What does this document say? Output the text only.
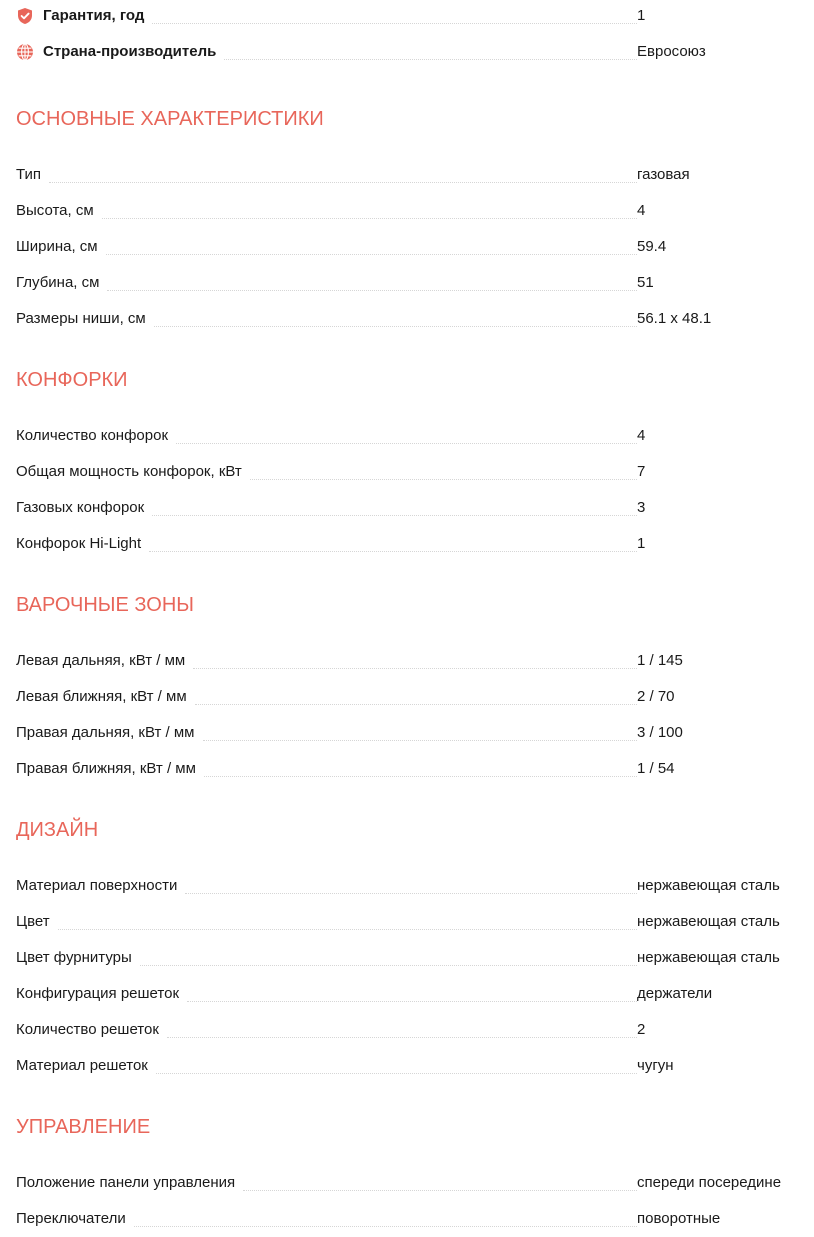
Гарантия, год	1
Страна-производитель	Евросоюз
ОСНОВНЫЕ ХАРАКТЕРИСТИКИ
Тип	газовая
Высота, см	4
Ширина, см	59.4
Глубина, см	51
Размеры ниши, см	56.1 x 48.1
КОНФОРКИ
Количество конфорок	4
Общая мощность конфорок, кВт	7
Газовых конфорок	3
Конфорок Hi-Light	1
ВАРОЧНЫЕ ЗОНЫ
Левая дальняя, кВт / мм	1 / 145
Левая ближняя, кВт / мм	2 / 70
Правая дальняя, кВт / мм	3 / 100
Правая ближняя, кВт / мм	1 / 54
ДИЗАЙН
Материал поверхности	нержавеющая сталь
Цвет	нержавеющая сталь
Цвет фурнитуры	нержавеющая сталь
Конфигурация решеток	держатели
Количество решеток	2
Материал решеток	чугун
УПРАВЛЕНИЕ
Положение панели управления	спереди посередине
Переключатели	поворотные
